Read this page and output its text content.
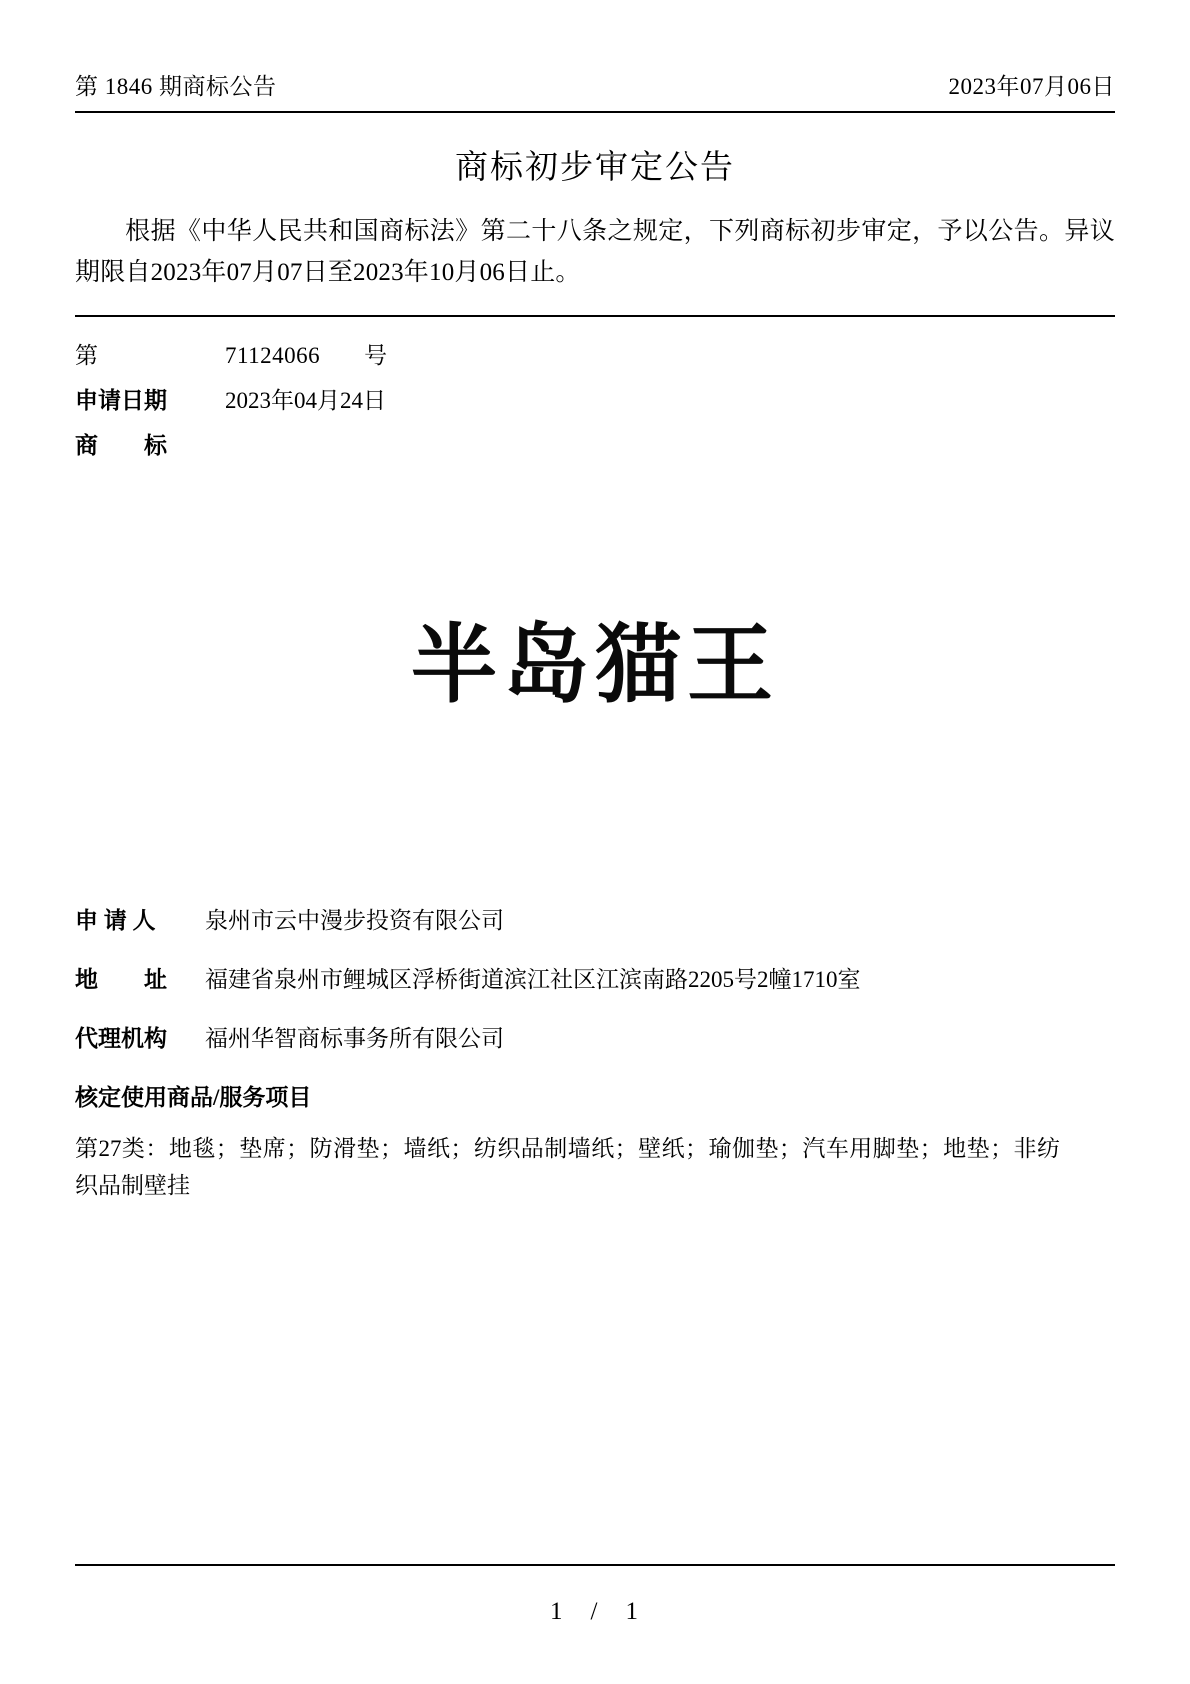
第 1846 期商标公告	2023年07月06日
商标初步审定公告
根据《中华人民共和国商标法》第二十八条之规定，下列商标初步审定，予以公告。异议期限自2023年07月07日至2023年10月06日止。
第	71124066 号
申请日期	2023年04月24日
商　　标
半岛猫王
申 请 人	泉州市云中漫步投资有限公司
地　　址	福建省泉州市鲤城区浮桥街道滨江社区江滨南路2205号2幢1710室
代理机构	福州华智商标事务所有限公司
核定使用商品/服务项目
第27类：地毯；垫席；防滑垫；墙纸；纺织品制墙纸；壁纸；瑜伽垫；汽车用脚垫；地垫；非纺织品制壁挂
1 / 1
